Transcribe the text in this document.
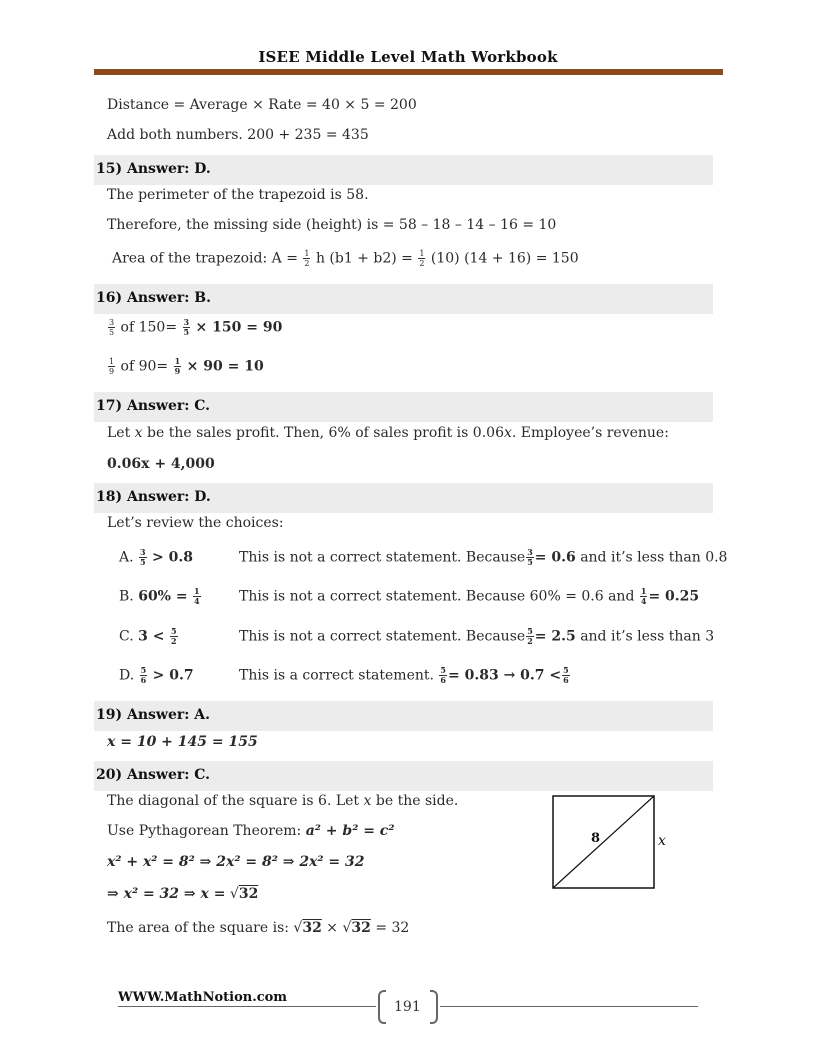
ISEE Middle Level Math Workbook
Distance = Average × Rate = 40 × 5 = 200
Add both numbers. 200 + 235 = 435
15) Answer: D.
The perimeter of the trapezoid is 58.
Therefore, the missing side (height) is = 58 – 18 – 14 – 16 = 10
Area of the trapezoid: $A = \frac{1}{2}$ h $(b1 + b2) = \frac{1}{2} (10) (14 + 16) = 150$
16) Answer: B.
$\frac{3}{5}$ of $150= \frac{3}{5} \times 150 = 90$
$\frac{1}{9}$ of $90= \frac{1}{9} \times 90 = 10$
17) Answer: C.
Let x be the sales profit. Then, 6% of sales profit is 0.06x. Employee’s revenue:
0.06x + 4,000
18) Answer: D.
Let’s review the choices:
A. $\frac{3}{5} > 0.8$	This is not a correct statement. Because $\frac{3}{5} = 0.6$ and it’s less than 0.8
B. $60\% = \frac{1}{4}$	This is not a correct statement. Because 60% = 0.6 and $\frac{1}{4} = 0.25$
C. $3 < \frac{5}{2}$	This is not a correct statement. Because $\frac{5}{2} = 2.5$ and it’s less than 3
D. $\frac{5}{6} > 0.7$	This is a correct statement. $\frac{5}{6} = 0.83 \to 0.7 < \frac{5}{6}$
19) Answer: A.
x = 10 + 145 = 155
20) Answer: C.
The diagonal of the square is 6. Let x be the side.
Use Pythagorean Theorem: a² + b² = c²
x² + x² = 8² ⇒ 2x² = 8² ⇒ 2x² = 32
⇒ x² = 32 ⇒ x = √32
The area of the square is: √32 × √32 = 32
8	x
WWW.MathNotion.com
191
